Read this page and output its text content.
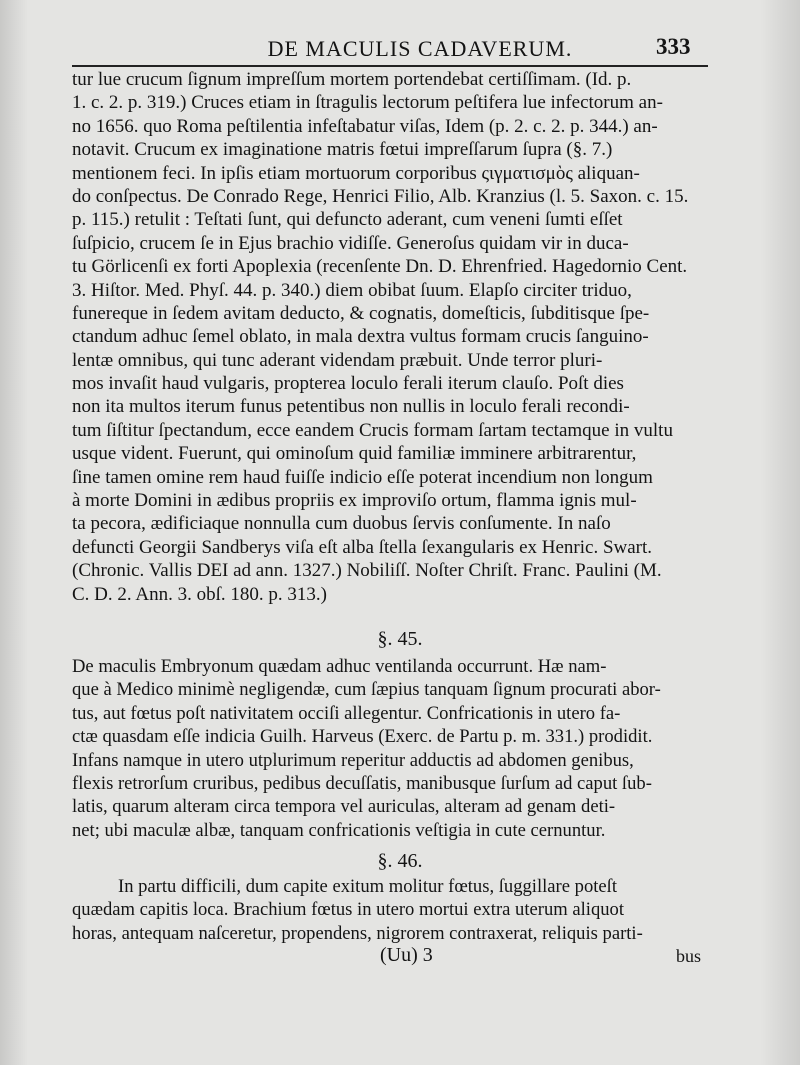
DE MACULIS CADAVERUM.	333
tur lue crucum ſignum impreſſum mortem portendebat certiſſimam. (Id. p.
1. c. 2. p. 319.) Cruces etiam in ſtragulis lectorum peſtifera lue infectorum an-
no 1656. quo Roma peſtilentia infeſtabatur viſas, Idem (p. 2. c. 2. p. 344.) an-
notavit. Crucum ex imaginatione matris fœtui impreſſarum ſupra (§. 7.)
mentionem feci. In ipſis etiam mortuorum corporibus ςιγματισμὸς aliquan-
do conſpectus. De Conrado Rege, Henrici Filio, Alb. Kranzius (l. 5. Saxon. c. 15.
p. 115.) retulit : Teſtati ſunt, qui defuncto aderant, cum veneni ſumti eſſet
ſuſpicio, crucem ſe in Ejus brachio vidiſſe. Generoſus quidam vir in duca-
tu Görlicenſi ex forti Apoplexia (recenſente Dn. D. Ehrenfried. Hagedornio Cent.
3. Hiſtor. Med. Phyſ. 44. p. 340.) diem obibat ſuum. Elapſo circiter triduo,
funereque in ſedem avitam deducto, & cognatis, domeſticis, ſubditisque ſpe-
ctandum adhuc ſemel oblato, in mala dextra vultus formam crucis ſanguino-
lentæ omnibus, qui tunc aderant videndam præbuit. Unde terror pluri-
mos invaſit haud vulgaris, propterea loculo ferali iterum clauſo. Poſt dies
non ita multos iterum funus petentibus non nullis in loculo ferali recondi-
tum ſiſtitur ſpectandum, ecce eandem Crucis formam ſartam tectamque in vultu
usque vident. Fuerunt, qui ominoſum quid familiæ imminere arbitrarentur,
ſine tamen omine rem haud fuiſſe indicio eſſe poterat incendium non longum
à morte Domini in ædibus propriis ex improviſo ortum, flamma ignis mul-
ta pecora, ædificiaque nonnulla cum duobus ſervis conſumente. In naſo
defuncti Georgii Sandberys viſa eſt alba ſtella ſexangularis ex Henric. Swart.
(Chronic. Vallis DEI ad ann. 1327.) Nobiliſſ. Noſter Chriſt. Franc. Paulini (M.
C. D. 2. Ann. 3. obſ. 180. p. 313.)
§. 45.
De maculis Embryonum quædam adhuc ventilanda occurrunt. Hæ nam-
que à Medico minimè negligendæ, cum ſæpius tanquam ſignum procurati abor-
tus, aut fœtus poſt nativitatem occiſi allegentur. Confricationis in utero fa-
ctæ quasdam eſſe indicia Guilh. Harveus (Exerc. de Partu p. m. 331.) prodidit.
Infans namque in utero utplurimum reperitur adductis ad abdomen genibus,
flexis retrorſum cruribus, pedibus decuſſatis, manibusque ſurſum ad caput ſub-
latis, quarum alteram circa tempora vel auriculas, alteram ad genam deti-
net; ubi maculæ albæ, tanquam confricationis veſtigia in cute cernuntur.
§. 46.
In partu difficili, dum capite exitum molitur fœtus, ſuggillare poteſt
quædam capitis loca. Brachium fœtus in utero mortui extra uterum aliquot
horas, antequam naſceretur, propendens, nigrorem contraxerat, reliquis parti-
(Uu) 3	bus
